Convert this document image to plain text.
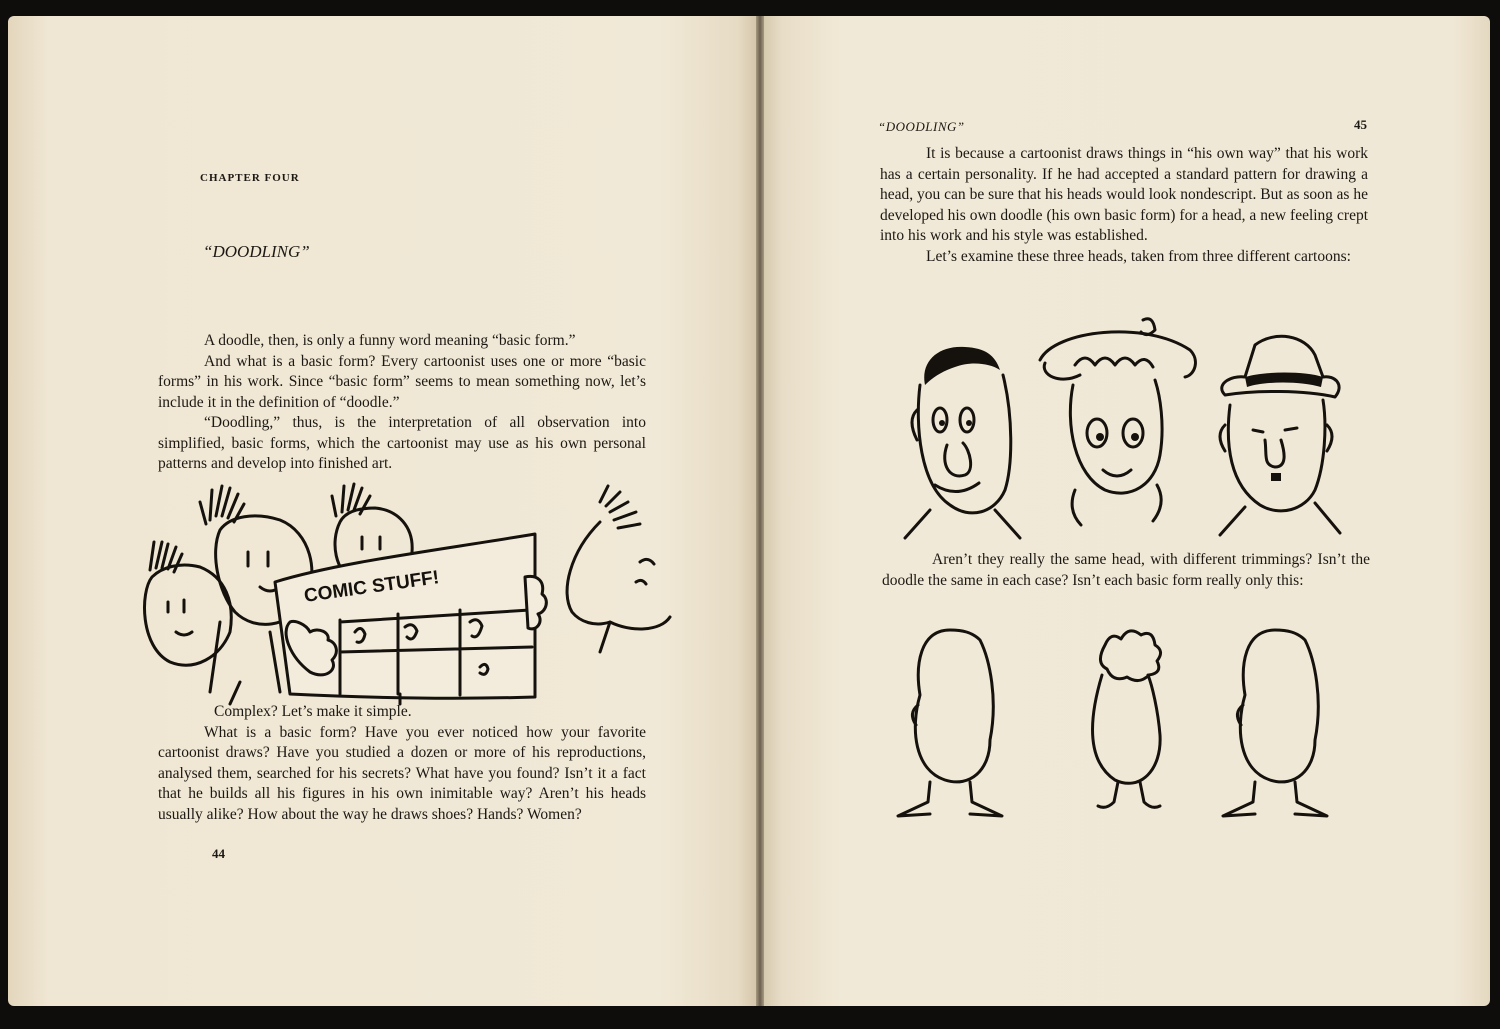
CHAPTER FOUR
“DOODLING”

A doodle, then, is only a funny word meaning “basic form.”

And what is a basic form? Every cartoonist uses one or more “basic forms” in his work. Since “basic form” seems to mean something now, let’s include it in the definition of “doodle.”

“Doodling,” thus, is the interpretation of all observation into simplified, basic forms, which the cartoonist may use as his own personal patterns and develop into finished art.

COMIC STUFF!

Complex? Let’s make it simple.

What is a basic form? Have you ever noticed how your favorite cartoonist draws? Have you studied a dozen or more of his reproductions, analysed them, searched for his secrets? What have you found? Isn’t it a fact that he builds all his figures in his own inimitable way? Aren’t his heads usually alike? How about the way he draws shoes? Hands? Women?

44
“DOODLING”	45

It is because a cartoonist draws things in “his own way” that his work has a certain personality. If he had accepted a standard pattern for drawing a head, you can be sure that his heads would look nondescript. But as soon as he developed his own doodle (his own basic form) for a head, a new feeling crept into his work and his style was established.

Let’s examine these three heads, taken from three different cartoons:

Aren’t they really the same head, with different trimmings? Isn’t the doodle the same in each case? Isn’t each basic form really only this:
